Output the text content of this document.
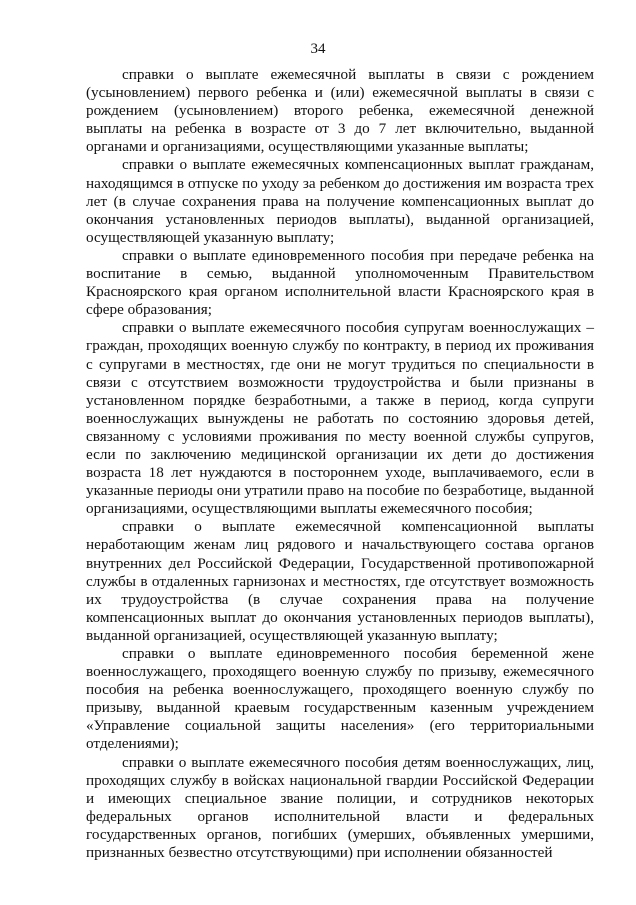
34

справки о выплате ежемесячной выплаты в связи с рождением (усыновлением) первого ребенка и (или) ежемесячной выплаты в связи с рождением (усыновлением) второго ребенка, ежемесячной денежной выплаты на ребенка в возрасте от 3 до 7 лет включительно, выданной органами и организациями, осуществляющими указанные выплаты;

справки о выплате ежемесячных компенсационных выплат гражданам, находящимся в отпуске по уходу за ребенком до достижения им возраста трех лет (в случае сохранения права на получение компенсационных выплат до окончания установленных периодов выплаты), выданной организацией, осуществляющей указанную выплату;

справки о выплате единовременного пособия при передаче ребенка на воспитание в семью, выданной уполномоченным Правительством Красноярского края органом исполнительной власти Красноярского края в сфере образования;

справки о выплате ежемесячного пособия супругам военнослужащих – граждан, проходящих военную службу по контракту, в период их проживания с супругами в местностях, где они не могут трудиться по специальности в связи с отсутствием возможности трудоустройства и были признаны в установленном порядке безработными, а также в период, когда супруги военнослужащих вынуждены не работать по состоянию здоровья детей, связанному с условиями проживания по месту военной службы супругов, если по заключению медицинской организации их дети до достижения возраста 18 лет нуждаются в постороннем уходе, выплачиваемого, если в указанные периоды они утратили право на пособие по безработице, выданной организациями, осуществляющими выплаты ежемесячного пособия;

справки о выплате ежемесячной компенсационной выплаты неработающим женам лиц рядового и начальствующего состава органов внутренних дел Российской Федерации, Государственной противопожарной службы в отдаленных гарнизонах и местностях, где отсутствует возможность их трудоустройства (в случае сохранения права на получение компенсационных выплат до окончания установленных периодов выплаты), выданной организацией, осуществляющей указанную выплату;

справки о выплате единовременного пособия беременной жене военнослужащего, проходящего военную службу по призыву, ежемесячного пособия на ребенка военнослужащего, проходящего военную службу по призыву, выданной краевым государственным казенным учреждением «Управление социальной защиты населения» (его территориальными отделениями);

справки о выплате ежемесячного пособия детям военнослужащих, лиц, проходящих службу в войсках национальной гвардии Российской Федерации и имеющих специальное звание полиции, и сотрудников некоторых федеральных органов исполнительной власти и федеральных государственных органов, погибших (умерших, объявленных умершими, признанных безвестно отсутствующими) при исполнении обязанностей
